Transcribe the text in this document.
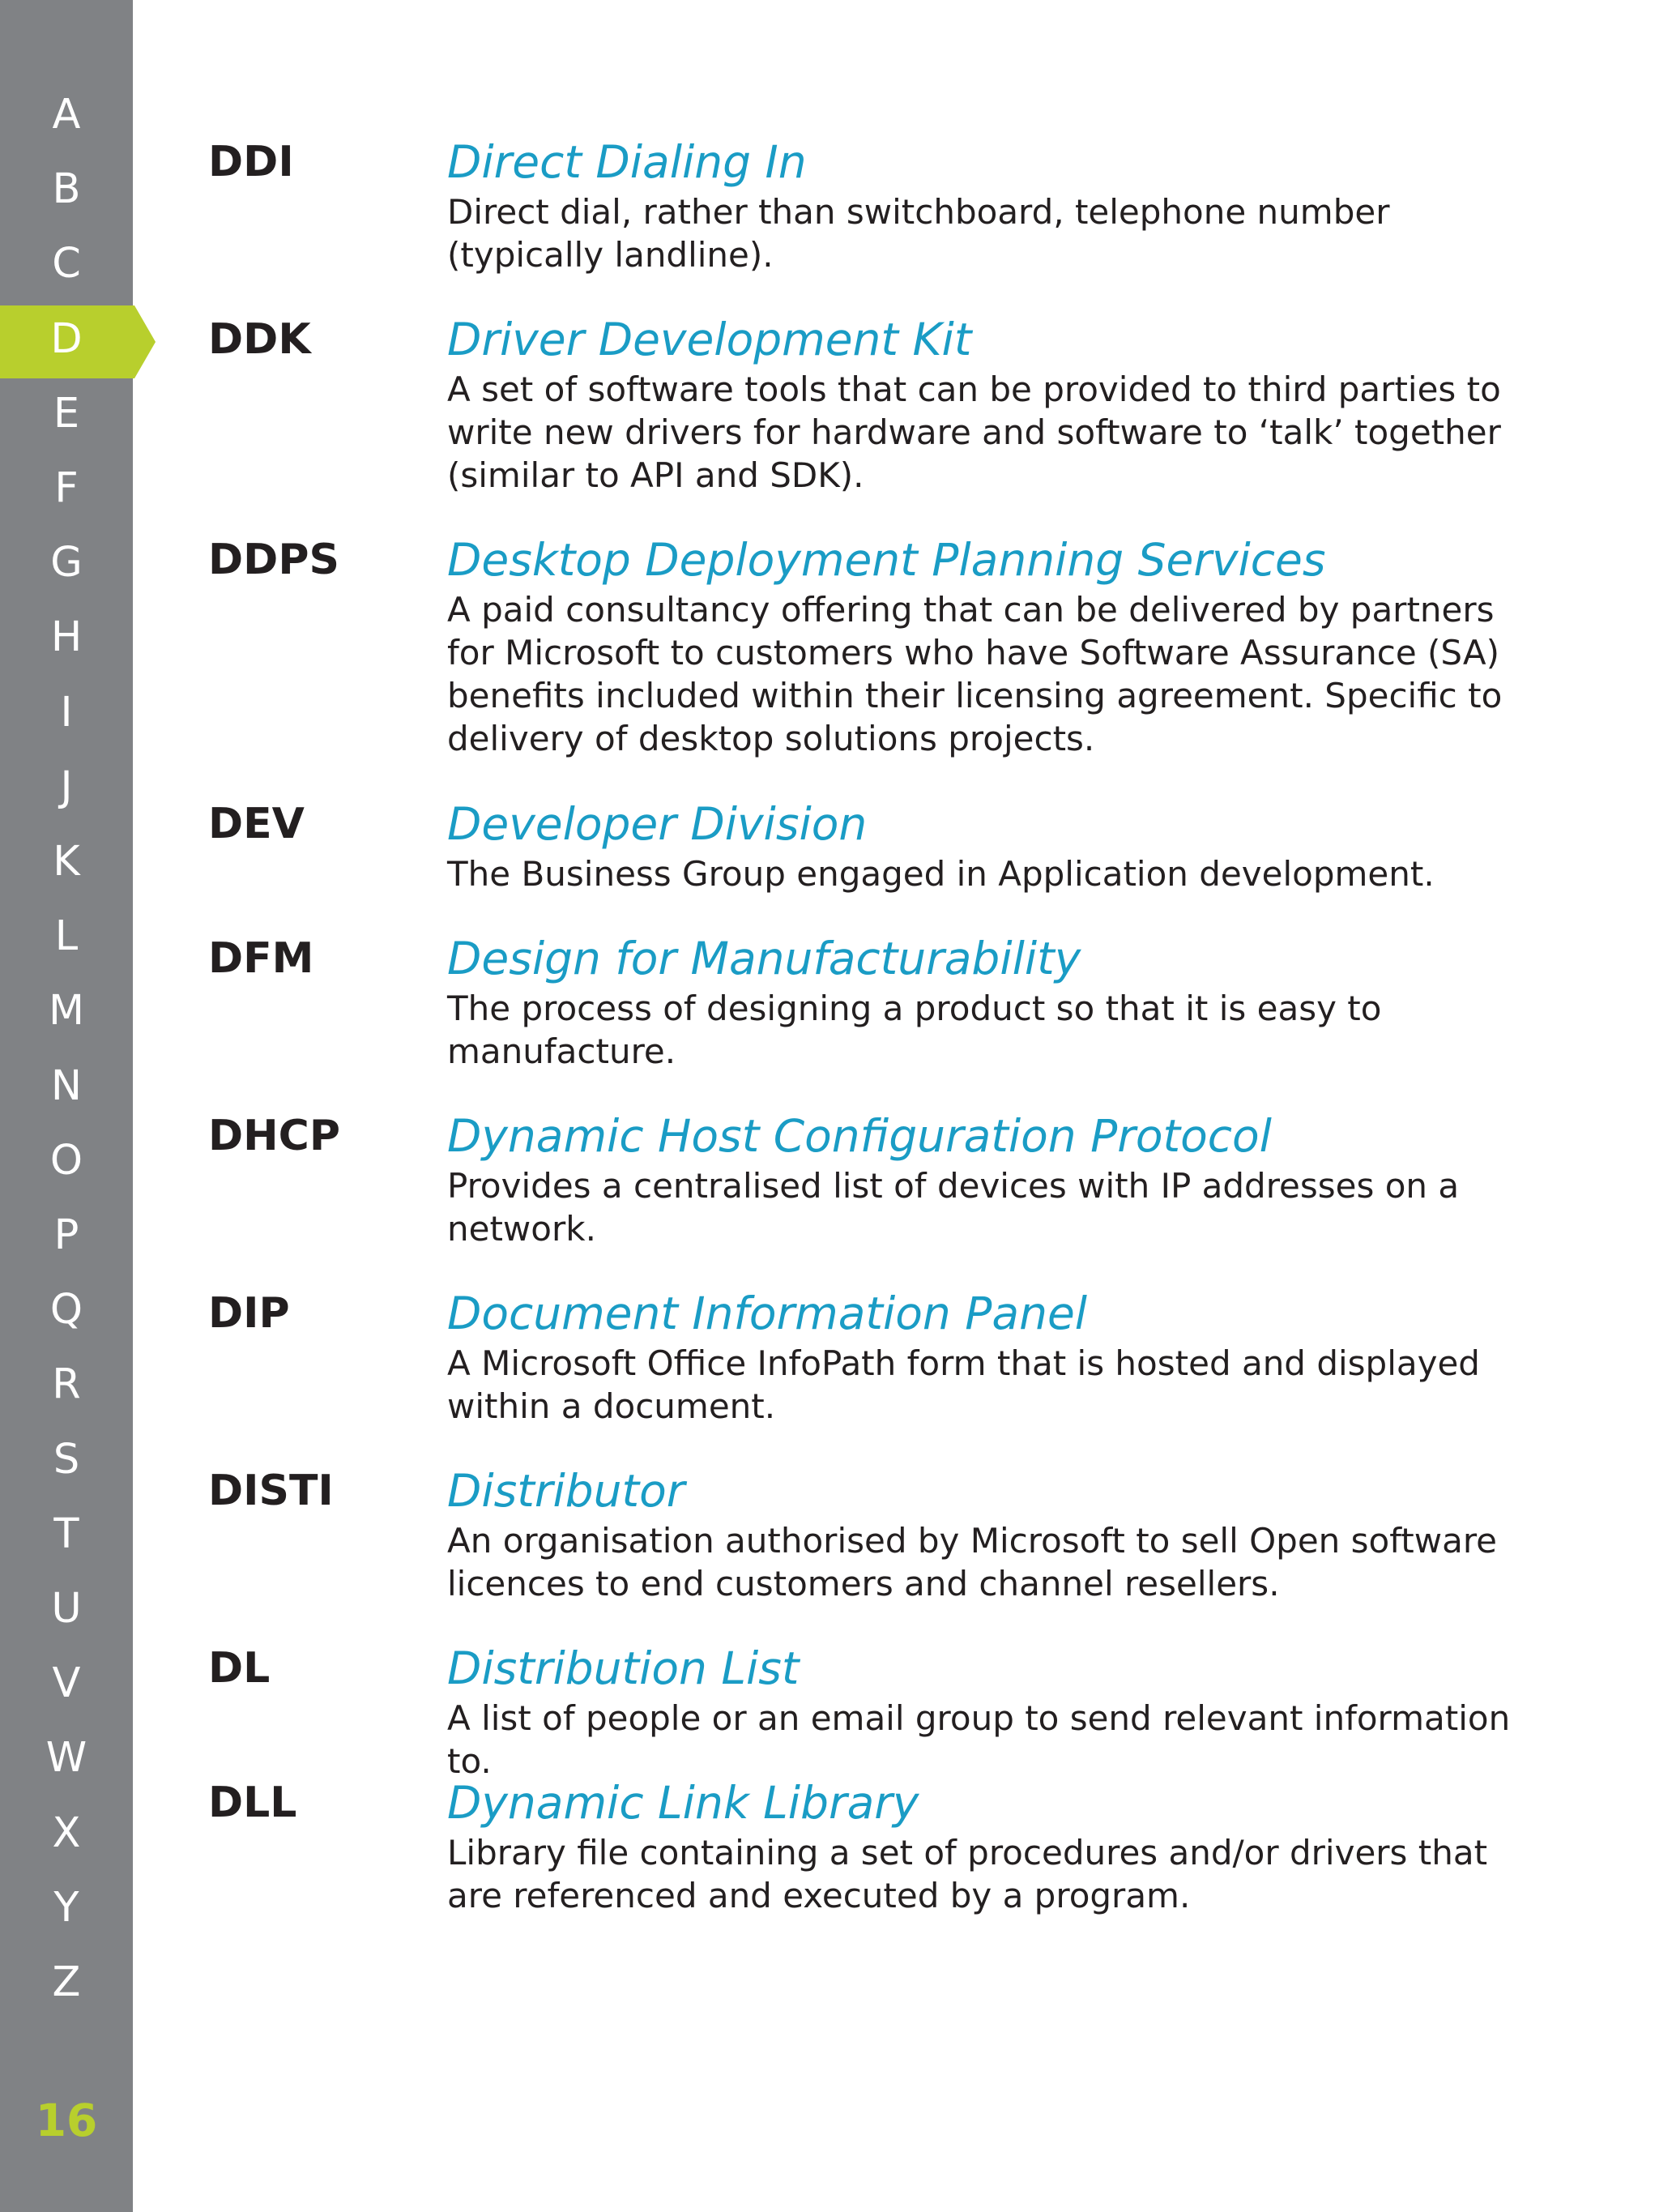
A
B
C
D
E
F
G
H
I
J
K
L
M
N
O
P
Q
R
S
T
U
V
W
X
Y
Z
16
DDI	Direct Dialing In
Direct dial, rather than switchboard, telephone number (typically landline).
DDK	Driver Development Kit
A set of software tools that can be provided to third parties to write new drivers for hardware and software to ‘talk’ together (similar to API and SDK).
DDPS Desktop Deployment Planning Services
A paid consultancy offering that can be delivered by partners for Microsoft to customers who have Software Assurance (SA) benefits included within their licensing agreement. Specific to delivery of desktop solutions projects.
DEV	Developer Division
The Business Group engaged in Application development.
DFM	Design for Manufacturability
The process of designing a product so that it is easy to manufacture.
DHCP Dynamic Host Configuration Protocol
Provides a centralised list of devices with IP addresses on a network.
DIP	Document Information Panel
A Microsoft Office InfoPath form that is hosted and displayed within a document.
DISTI	Distributor
An organisation authorised by Microsoft to sell Open software licences to end customers and channel resellers.
DL	Distribution List
A list of people or an email group to send relevant information to.
DLL	Dynamic Link Library
Library file containing a set of procedures and/or drivers that are referenced and executed by a program.
